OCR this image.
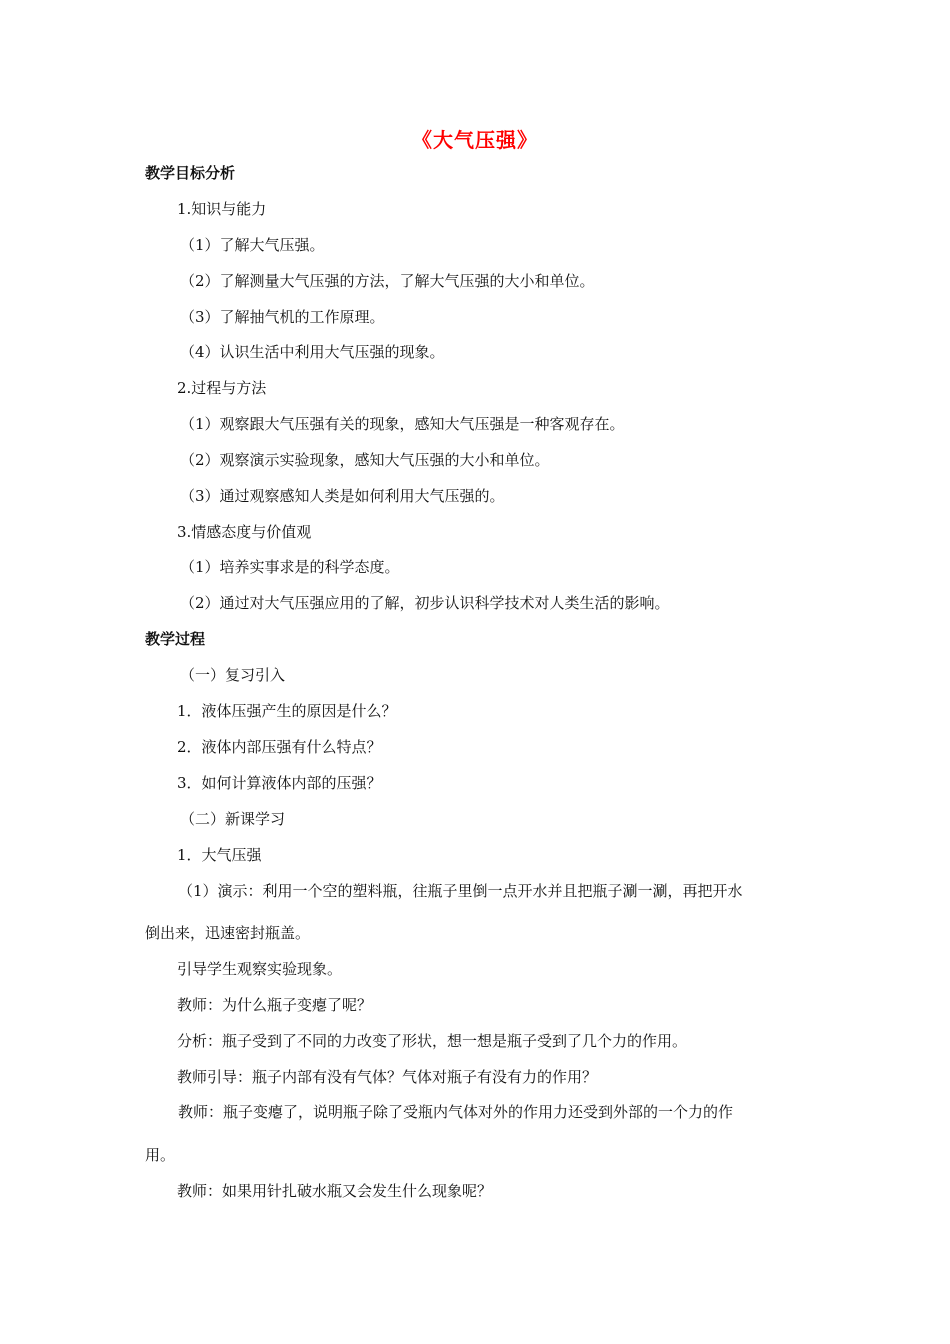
《大气压强》
教学目标分析
1.知识与能力
（1）了解大气压强。
（2）了解测量大气压强的方法，了解大气压强的大小和单位。
（3）了解抽气机的工作原理。
（4）认识生活中利用大气压强的现象。
2.过程与方法
（1）观察跟大气压强有关的现象，感知大气压强是一种客观存在。
（2）观察演示实验现象，感知大气压强的大小和单位。
（3）通过观察感知人类是如何利用大气压强的。
3.情感态度与价值观
（1）培养实事求是的科学态度。
（2）通过对大气压强应用的了解，初步认识科学技术对人类生活的影响。
教学过程
（一）复习引入
1．液体压强产生的原因是什么？
2．液体内部压强有什么特点？
3．如何计算液体内部的压强？
（二）新课学习
1．大气压强
（1）演示：利用一个空的塑料瓶，往瓶子里倒一点开水并且把瓶子涮一涮，再把开水
倒出来，迅速密封瓶盖。
引导学生观察实验现象。
教师：为什么瓶子变瘪了呢？
分析：瓶子受到了不同的力改变了形状，想一想是瓶子受到了几个力的作用。
教师引导：瓶子内部有没有气体？气体对瓶子有没有力的作用？
教师：瓶子变瘪了，说明瓶子除了受瓶内气体对外的作用力还受到外部的一个力的作
用。
教师：如果用针扎破水瓶又会发生什么现象呢？
